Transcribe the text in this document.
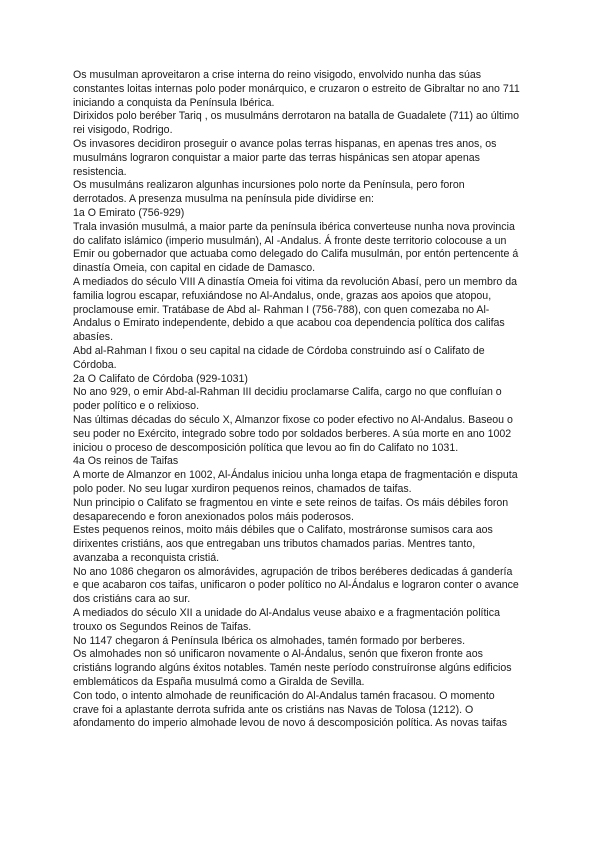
Os musulman aproveitaron a crise interna do reino visigodo, envolvido nunha das súas constantes loitas internas polo poder monárquico, e cruzaron o estreito de Gibraltar no ano 711 iniciando a conquista da Península Ibérica.

Dirixidos polo beréber Tariq , os musulmáns derrotaron na batalla de Guadalete (711) ao último rei visigodo, Rodrigo.

Os invasores decidiron proseguir o avance polas terras hispanas, en apenas tres anos, os musulmáns lograron conquistar a maior parte das terras hispánicas sen atopar apenas resistencia.

Os musulmáns realizaron algunhas incursiones polo norte da Península, pero foron derrotados. A presenza musulma na península pide dividirse en:

1a O Emirato (756-929)

Trala invasión musulmá, a maior parte da península ibérica converteuse nunha nova provincia do califato islámico (imperio musulmán), Al -Andalus. Á fronte deste territorio colocouse a un Emir ou gobernador que actuaba como delegado do Califa musulmán, por entón pertencente á dinastía Omeia, con capital en cidade de Damasco.

A mediados do século VIII A dinastía Omeia foi vitima da revolución Abasí, pero un membro da familia logrou escapar, refuxiándose no Al-Andalus, onde, grazas aos apoios que atopou, proclamouse emir. Tratábase de Abd al- Rahman I (756-788), con quen comezaba no Al-Andalus o Emirato independente, debido a que acabou coa dependencia política dos califas abasíes.

Abd al-Rahman I fixou o seu capital na cidade de Córdoba construindo así o Califato de Córdoba.

2a O Califato de Córdoba (929-1031)

No ano 929, o emir Abd-al-Rahman III decidiu proclamarse Califa, cargo no que confluían o poder político e o relixioso.

Nas últimas décadas do século X, Almanzor fixose co poder efectivo no Al-Andalus. Baseou o seu poder no Exército, integrado sobre todo por soldados berberes. A súa morte en ano 1002 iniciou o proceso de descomposición política que levou ao fin do Califato no 1031.

4a Os reinos de Taifas

A morte de Almanzor en 1002, Al-Ándalus iniciou unha longa etapa de fragmentación e disputa polo poder. No seu lugar xurdiron pequenos reinos, chamados de taifas.

Nun principio o Califato se fragmentou en vinte e sete reinos de taifas. Os máis débiles foron desaparecendo e foron anexionados polos máis poderosos.

Estes pequenos reinos, moito máis débiles que o Califato, mostráronse sumisos cara aos dirixentes cristiáns, aos que entregaban uns tributos chamados parias. Mentres tanto, avanzaba a reconquista cristiá.

No ano 1086 chegaron os almorávides, agrupación de tribos beréberes dedicadas á gandería e que acabaron cos taifas, unificaron o poder político no Al-Ándalus e lograron conter o avance dos cristiáns cara ao sur.

A mediados do século XII a unidade do Al-Andalus veuse abaixo e a fragmentación política trouxo os Segundos Reinos de Taifas.

No 1147 chegaron á Península Ibérica os almohades, tamén formado por berberes.

Os almohades non só unificaron novamente o Al-Ándalus, senón que fixeron fronte aos cristiáns logrando algúns éxitos notables. Tamén neste período construíronse algúns edificios emblemáticos da España musulmá como a Giralda de Sevilla.

Con todo, o intento almohade de reunificación do Al-Andalus tamén fracasou. O momento crave foi a aplastante derrota sufrida ante os cristiáns nas Navas de Tolosa (1212). O afondamento do imperio almohade levou de novo á descomposición política. As novas taifas
